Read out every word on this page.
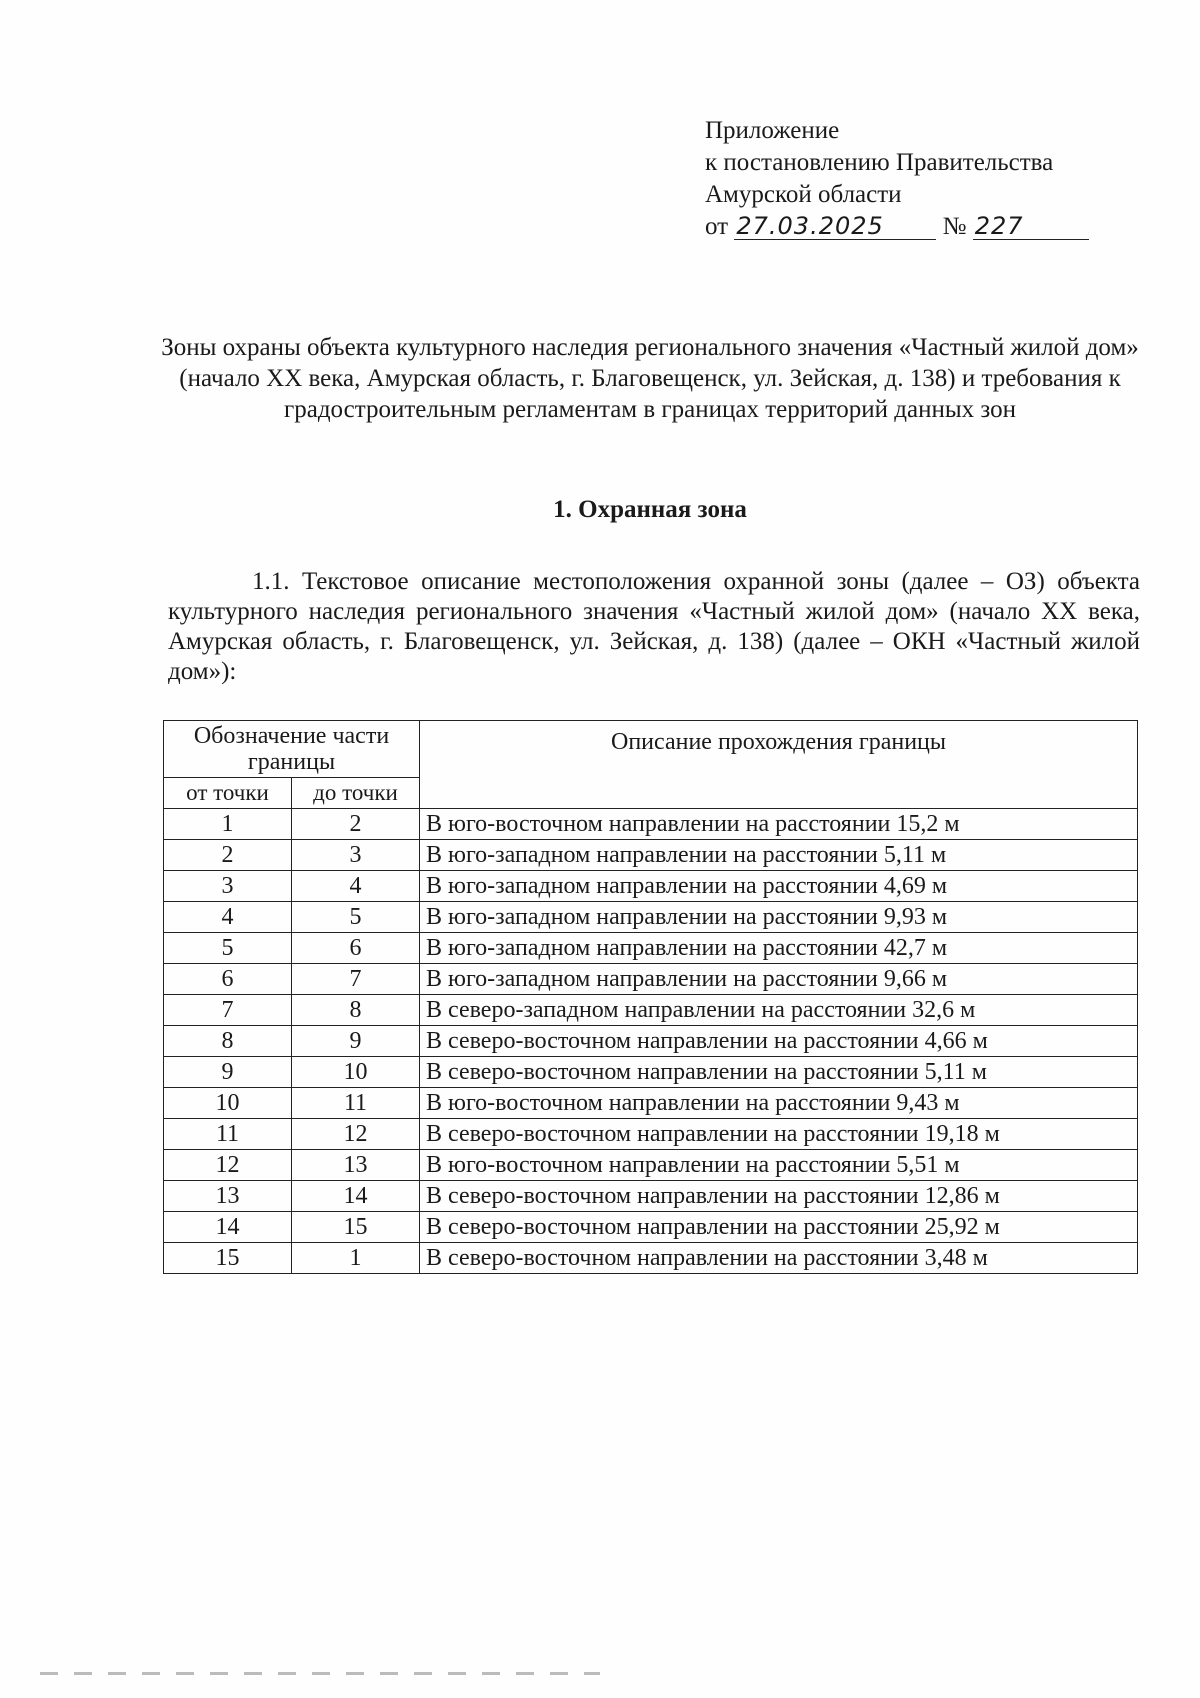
Приложение
к постановлению Правительства
Амурской области
от 27.03.2025 № 227
Зоны охраны объекта культурного наследия регионального значения «Частный жилой дом» (начало XX века, Амурская область, г. Благовещенск, ул. Зейская, д. 138) и требования к градостроительным регламентам в границах территорий данных зон
1. Охранная зона
1.1. Текстовое описание местоположения охранной зоны (далее – ОЗ) объекта культурного наследия регионального значения «Частный жилой дом» (начало XX века, Амурская область, г. Благовещенск, ул. Зейская, д. 138) (далее – ОКН «Частный жилой дом»):
Обозначение части границы		Описание прохождения границы
от точки	до точки	
1	2	В юго-восточном направлении на расстоянии 15,2 м
2	3	В юго-западном направлении на расстоянии 5,11 м
3	4	В юго-западном направлении на расстоянии 4,69 м
4	5	В юго-западном направлении на расстоянии 9,93 м
5	6	В юго-западном направлении на расстоянии 42,7 м
6	7	В юго-западном направлении на расстоянии 9,66 м
7	8	В северо-западном направлении на расстоянии 32,6 м
8	9	В северо-восточном направлении на расстоянии 4,66 м
9	10	В северо-восточном направлении на расстоянии 5,11 м
10	11	В юго-восточном направлении на расстоянии 9,43 м
11	12	В северо-восточном направлении на расстоянии 19,18 м
12	13	В юго-восточном направлении на расстоянии 5,51 м
13	14	В северо-восточном направлении на расстоянии 12,86 м
14	15	В северо-восточном направлении на расстоянии 25,92 м
15	1	В северо-восточном направлении на расстоянии 3,48 м
